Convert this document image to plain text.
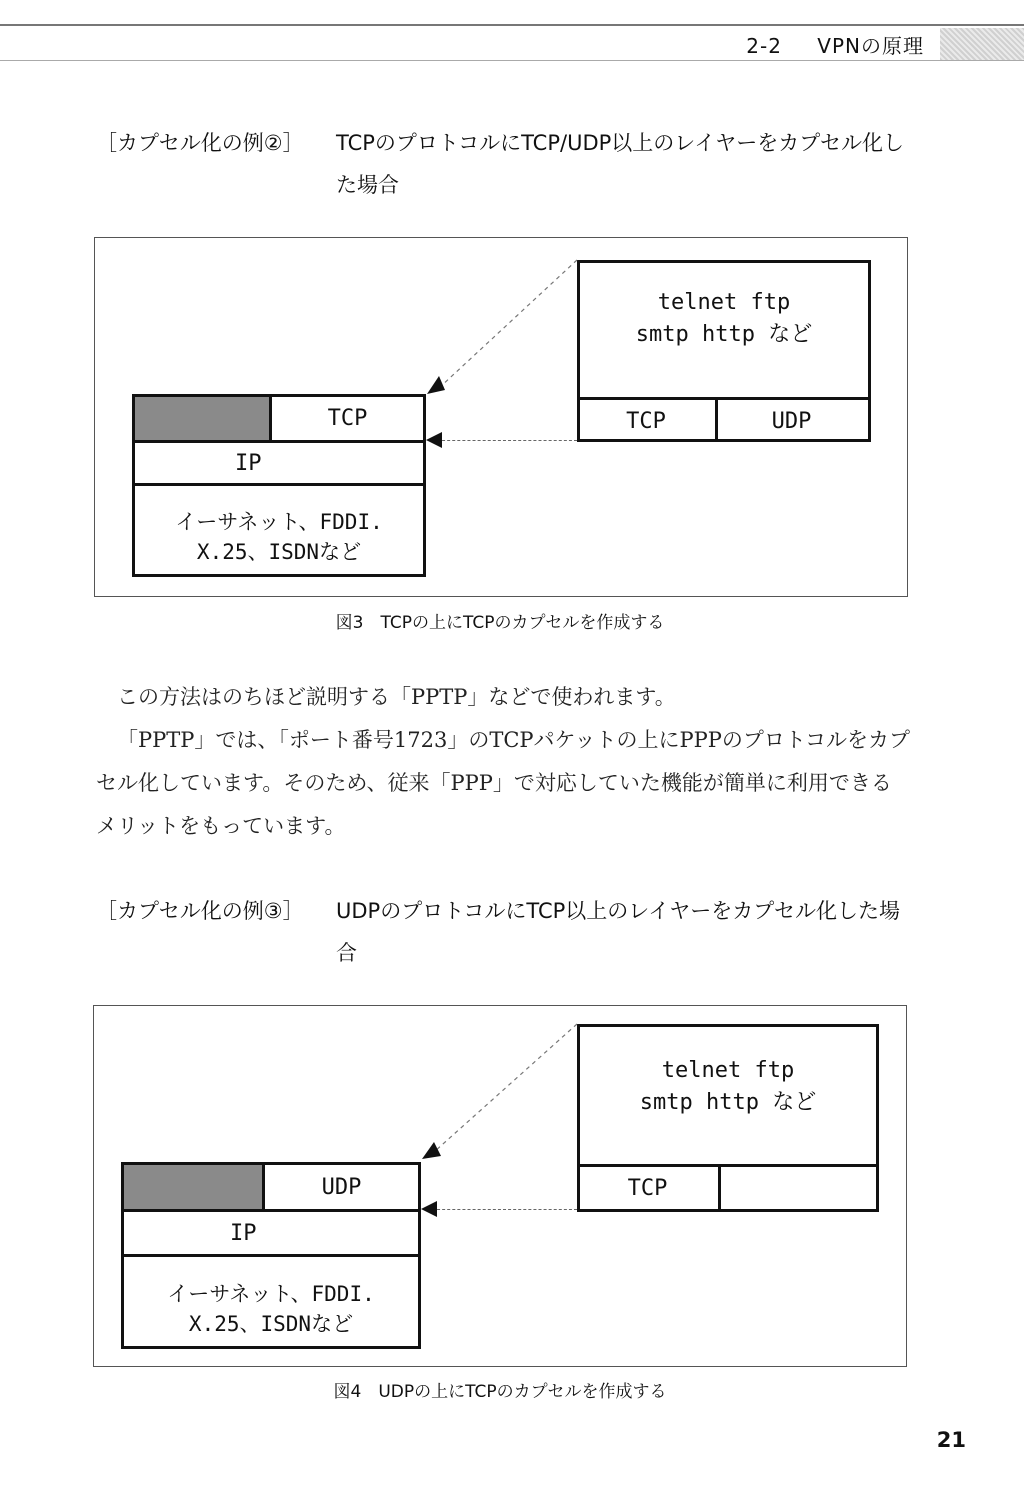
2-2 VPNの原理
［カプセル化の例②］ TCPのプロトコルにTCP/UDP以上のレイヤーをカプセル化した場合
telnet ftp
smtp http など
TCP	UDP
TCP
IP
イーサネット、FDDI.
X.25、ISDNなど
図3　TCPの上にTCPのカプセルを作成する

この方法はのちほど説明する「PPTP」などで使われます。

「PPTP」では、「ポート番号1723」のTCPパケットの上にPPPのプロトコルをカプセル化しています。そのため、従来「PPP」で対応していた機能が簡単に利用できるメリットをもっています。

［カプセル化の例③］ UDPのプロトコルにTCP以上のレイヤーをカプセル化した場合
telnet ftp
smtp http など
TCP
UDP
IP
イーサネット、FDDI.
X.25、ISDNなど
図4　UDPの上にTCPのカプセルを作成する
21
